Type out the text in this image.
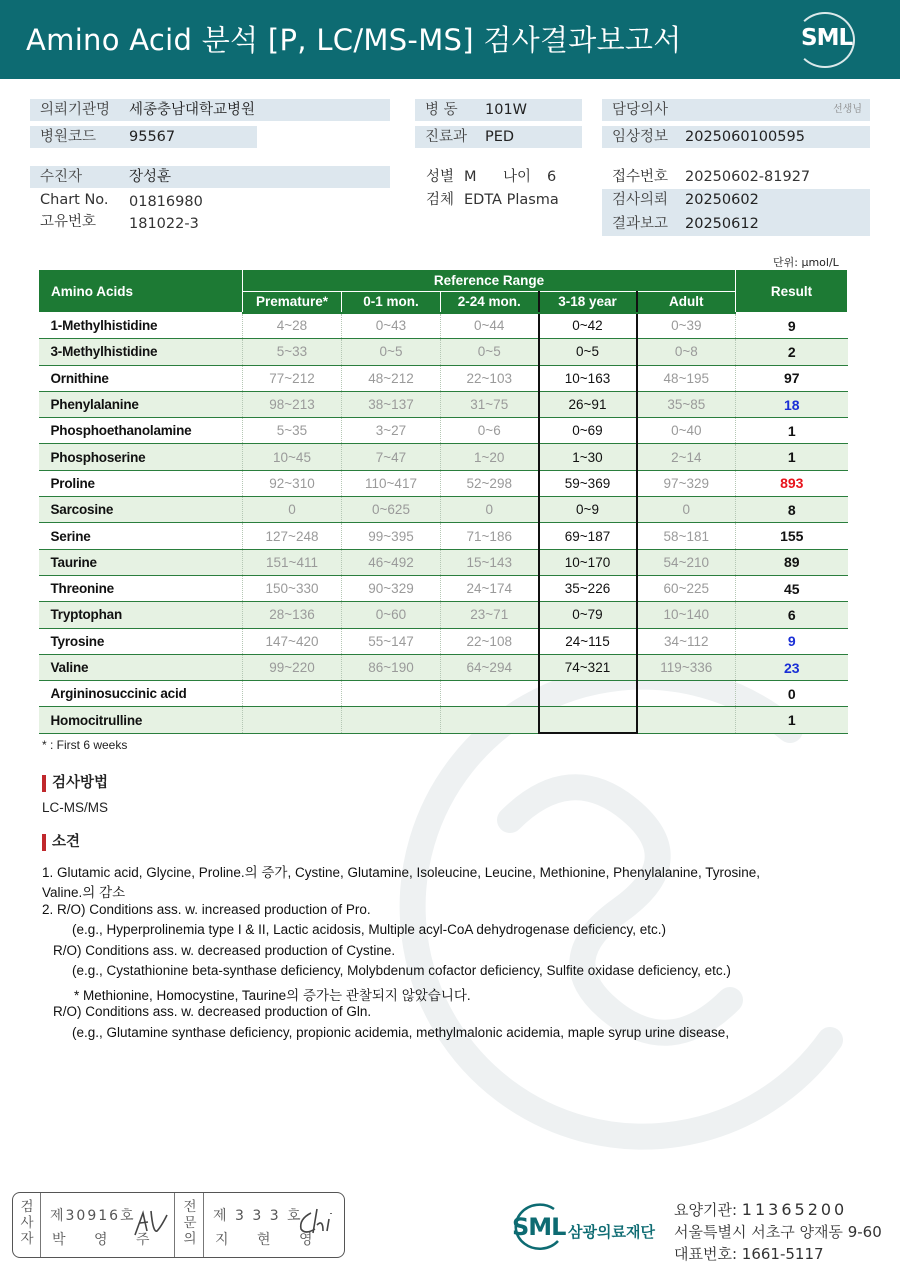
Amino Acid 분석 [P, LC/MS-MS] 검사결과보고서	SML
의뢰기관명 세종충남대학교병원
병원코드 95567
수진자	장성훈
Chart No. 01816980
고유번호 181022-3
병 동 101W
진료과 PED
성별 M 나이 6
검체 EDTA Plasma
담당의사	선생님
임상정보 2025060100595
접수번호 20250602-81927
검사의뢰 20250602
결과보고 20250612
단위: μmol/L
Amino Acids	Reference Range					Result
	Premature*	0-1 mon.	2-24 mon.	3-18 year	Adult	
1-Methylhistidine	4~28	0~43	0~44	0~42	0~39	9
3-Methylhistidine	5~33	0~5	0~5	0~5	0~8	2
Ornithine	77~212	48~212	22~103	10~163	48~195	97
Phenylalanine	98~213	38~137	31~75	26~91	35~85	18
Phosphoethanolamine	5~35	3~27	0~6	0~69	0~40	1
Phosphoserine	10~45	7~47	1~20	1~30	2~14	1
Proline	92~310	110~417	52~298	59~369	97~329	893
Sarcosine	0	0~625	0	0~9	0	8
Serine	127~248	99~395	71~186	69~187	58~181	155
Taurine	151~411	46~492	15~143	10~170	54~210	89
Threonine	150~330	90~329	24~174	35~226	60~225	45
Tryptophan	28~136	0~60	23~71	0~79	10~140	6
Tyrosine	147~420	55~147	22~108	24~115	34~112	9
Valine	99~220	86~190	64~294	74~321	119~336	23
Argininosuccinic acid						0
Homocitrulline						1
* : First 6 weeks
검사방법
LC-MS/MS
소견
1. Glutamic acid, Glycine, Proline.의 증가, Cystine, Glutamine, Isoleucine, Leucine, Methionine, Phenylalanine, Tyrosine,
Valine.의 감소
2. R/O) Conditions ass. w. increased production of Pro.
(e.g., Hyperprolinemia type I & II, Lactic acidosis, Multiple acyl-CoA dehydrogenase deficiency, etc.)
R/O) Conditions ass. w. decreased production of Cystine.
(e.g., Cystathionine beta-synthase deficiency, Molybdenum cofactor deficiency, Sulfite oxidase deficiency, etc.)
* Methionine, Homocystine, Taurine의 증가는 관찰되지 않았습니다.
R/O) Conditions ass. w. decreased production of Gln.
(e.g., Glutamine synthase deficiency, propionic acidemia, methylmalonic acidemia, maple syrup urine disease,
검사자
제30916호
박 영 주
전문의
제 3 3 3 호
지 현 영	SML 삼광의료재단
요양기관: 11365200
서울특별시 서초구 양재동 9-60
대표번호: 1661-5117
